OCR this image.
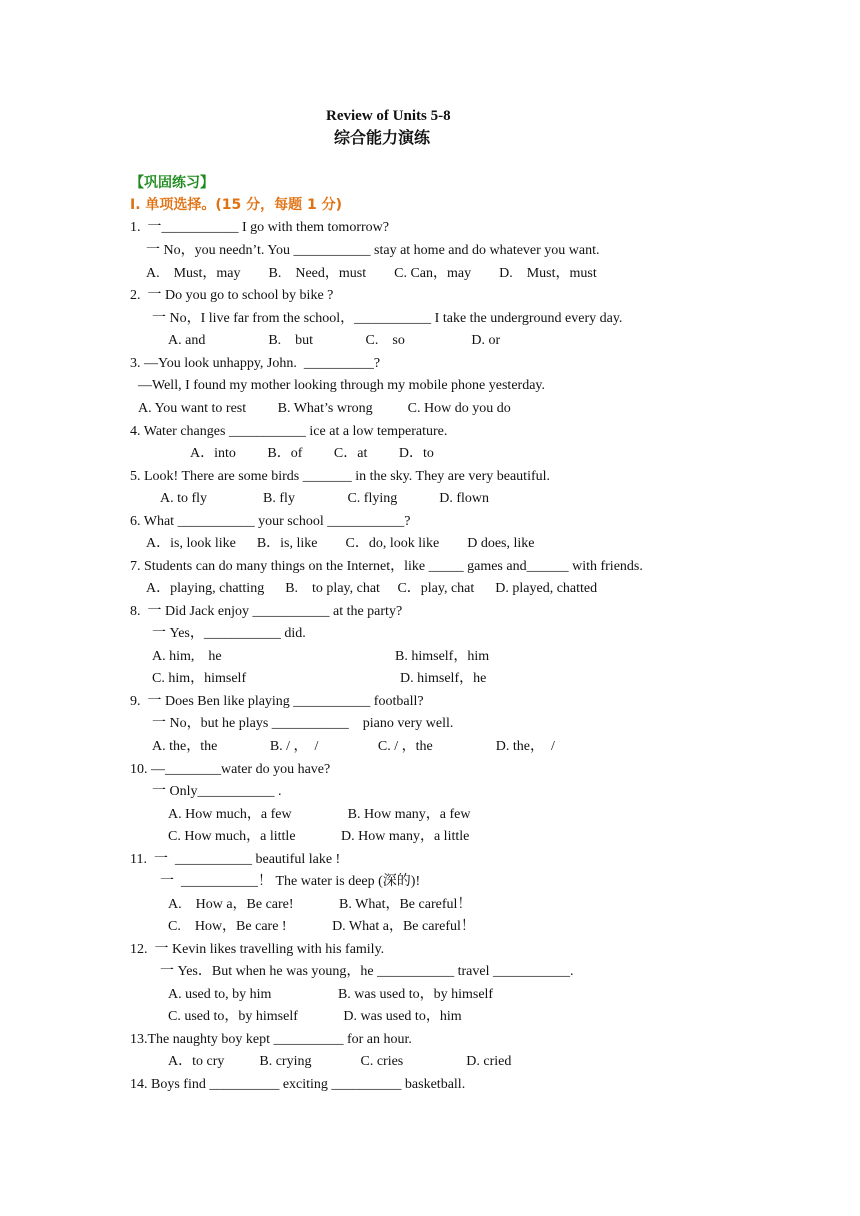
Review of Units 5-8
综合能力演练
【巩固练习】
I. 单项选择。(15 分，每题 1 分)
1.  一___________ I go with them tomorrow?
一 No，you needn’t. You ___________ stay at home and do whatever you want.
A.    Must，may        B.    Need，must        C. Can，may        D.    Must，must
2.  一 Do you go to school by bike ?
一 No，I live far from the school，___________ I take the underground every day.
A. and                  B.    but               C.    so                   D. or
3. —You look unhappy, John.  __________?
—Well, I found my mother looking through my mobile phone yesterday.
A. You want to rest         B. What’s wrong          C. How do you do
4. Water changes ___________ ice at a low temperature.
A．into         B．of         C．at         D．to
5. Look! There are some birds _______ in the sky. They are very beautiful.
A. to fly                B. fly               C. flying            D. flown
6. What ___________ your school ___________?
A．is, look like      B．is, like        C．do, look like        D does, like
7. Students can do many things on the Internet，like _____ games and______ with friends.
A．playing, chatting      B.    to play, chat     C．play, chat      D. played, chatted
8.  一 Did Jack enjoy ___________ at the party?
一 Yes，___________ did.
A. him,    he	B. himself，him
C. him，himself	D. himself，he
9.  一 Does Ben like playing ___________ football?
一 No，but he plays ___________    piano very well.
A. the，the               B. / ，  /                 C. / ，the                  D. the，  /
10. —________water do you have?
一 Only___________ .
A. How much，a few                B. How many，a few
C. How much，a little             D. How many，a little
11.  一  ___________ beautiful lake !
一  ___________！ The water is deep (深的)!
A.    How a，Be care!             B. What，Be careful！
C.    How，Be care !             D. What a，Be careful！
12.  一 Kevin likes travelling with his family.
一 Yes．But when he was young，he ___________ travel ___________.
A. used to, by him                   B. was used to，by himself
C. used to，by himself             D. was used to，him
13.The naughty boy kept __________ for an hour.
A．to cry          B. crying              C. cries                  D. cried
14. Boys find __________ exciting __________ basketball.
